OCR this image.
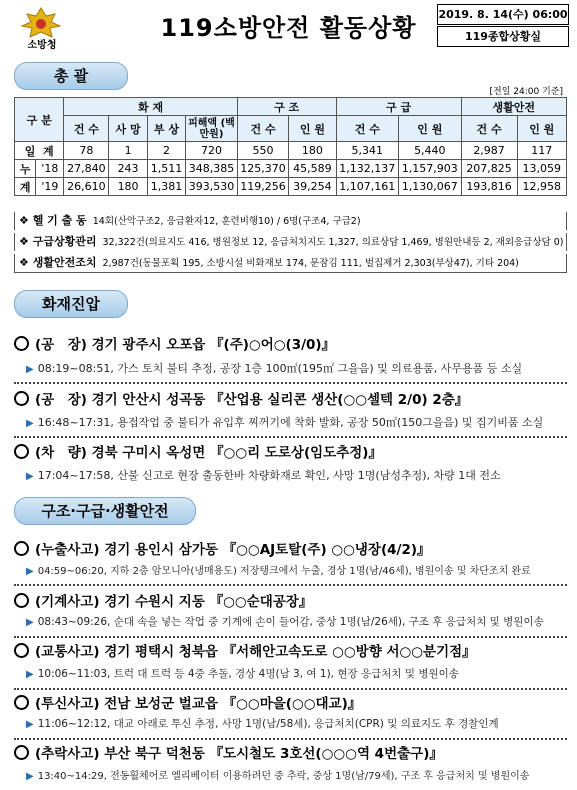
소방청
119소방안전 활동상황	2019. 8. 14(수) 06:00
119종합상황실
총 괄
[전일 24:00 기준]
구 분		화 재				구 조		구 급		생활안전	
		건 수	사 망	부 상	피해액 (백만원)	건 수	인 원	건 수	인 원	건 수	인 원
일 계		78	1	2	720	550	180	5,341	5,440	2,987	117
누	'18	27,840	243	1,511	348,385	125,370	45,589	1,132,137	1,157,903	207,825	13,059
계	'19	26,610	180	1,381	393,530	119,256	39,254	1,107,161	1,130,067	193,816	12,958
❖ 헬 기 출 동 14회(산악구조2, 응급환자12, 훈련비행10) / 6명(구조4, 구급2)
❖ 구급상황관리 32,322건(의료지도 416, 병원정보 12, 응급처치지도 1,327, 의료상담 1,469, 병원안내등 2, 재외응급상담 0)
❖ 생활안전조치 2,987건(동물포획 195, 소방시설 비화재보 174, 문잠김 111, 벌집제거 2,303(부상47), 기타 204)
화재진압
(공　장) 경기 광주시 오포읍 『(주)○어○(3/0)』
▶ 08:19~08:51, 가스 토치 불티 추정, 공장 1층 100㎡(195㎡ 그을음) 및 의료용품, 사무용품 등 소실
(공　장) 경기 안산시 성곡동 『산업용 실리콘 생산(○○셀텍 2/0) 2층』
▶ 16:48~17:31, 용접작업 중 불티가 유입후 찌꺼기에 착화 발화, 공장 50㎡(150그을음) 및 집기비품 소실
(차　량) 경북 구미시 옥성면 『○○리 도로상(임도추정)』
▶ 17:04~17:58, 산불 신고로 현장 출동한바 차량화재로 확인, 사망 1명(남성추정), 차량 1대 전소
구조·구급·생활안전
(누출사고) 경기 용인시 삼가동 『○○AJ토탈(주) ○○냉장(4/2)』
▶ 04:59~06:20, 지하 2층 암모니아(냉매용도) 저장탱크에서 누출, 경상 1명(남/46세), 병원이송 및 차단조치 완료
(기계사고) 경기 수원시 지동 『○○순대공장』
▶ 08:43~09:26, 순대 속을 넣는 작업 중 기계에 손이 들어감, 중상 1명(남/26세), 구조 후 응급처치 및 병원이송
(교통사고) 경기 평택시 청북읍 『서해안고속도로 ○○방향 서○○분기점』
▶ 10:06~11:03, 트럭 대 트럭 등 4중 추돌, 경상 4명(남 3, 여 1), 현장 응급처치 및 병원이송
(투신사고) 전남 보성군 벌교읍 『○○마을(○○대교)』
▶ 11:06~12:12, 대교 아래로 투신 추정, 사망 1명(남/58세), 응급처치(CPR) 및 의료지도 후 경찰인계
(추락사고) 부산 북구 덕천동 『도시철도 3호선(○○○역 4번출구)』
▶ 13:40~14:29, 전동휠체어로 엘리베이터 이용하려던 중 추락, 중상 1명(남/79세), 구조 후 응급처치 및 병원이송
